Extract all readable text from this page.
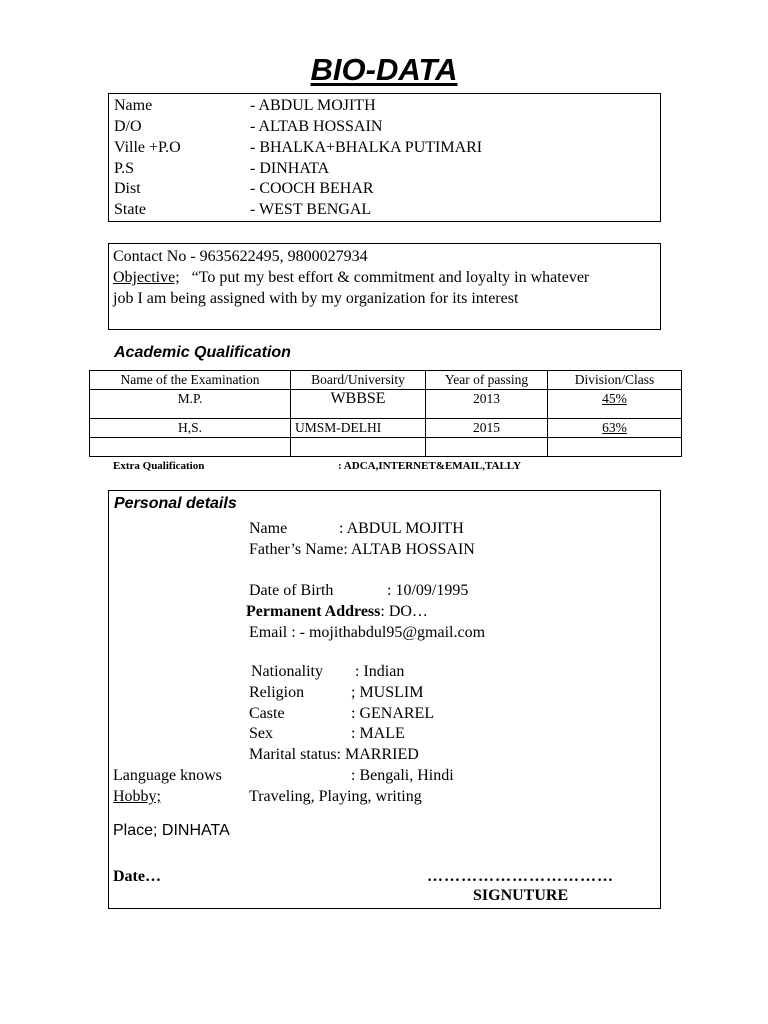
BIO-DATA
Name	- ABDUL MOJITH
D/O	- ALTAB HOSSAIN
Ville +P.O	- BHALKA+BHALKA PUTIMARI
P.S	- DINHATA
Dist	- COOCH BEHAR
State	- WEST BENGAL
Contact No - 9635622495, 9800027934
Objective; “To put my best effort & commitment and loyalty in whatever
job I am being assigned with by my organization for its interest
Academic Qualification
Name of the Examination	Board/University	Year of passing	Division/Class
M.P.	WBBSE	2013	45%
H,S.	UMSM-DELHI	2015	63%

Extra Qualification	: ADCA,INTERNET&EMAIL,TALLY
Personal details
Name	: ABDUL MOJITH
Father’s Name: ALTAB HOSSAIN
Date of Birth	: 10/09/1995
Permanent Address: DO…
Email : - mojithabdul95@gmail.com
Nationality : Indian
Religion	; MUSLIM
Caste	: GENAREL
Sex	: MALE
Marital status: MARRIED
Language knows	: Bengali, Hindi
Hobby;	Traveling, Playing, writing
Place; DINHATA
Date…	……………………………
SIGNUTURE
